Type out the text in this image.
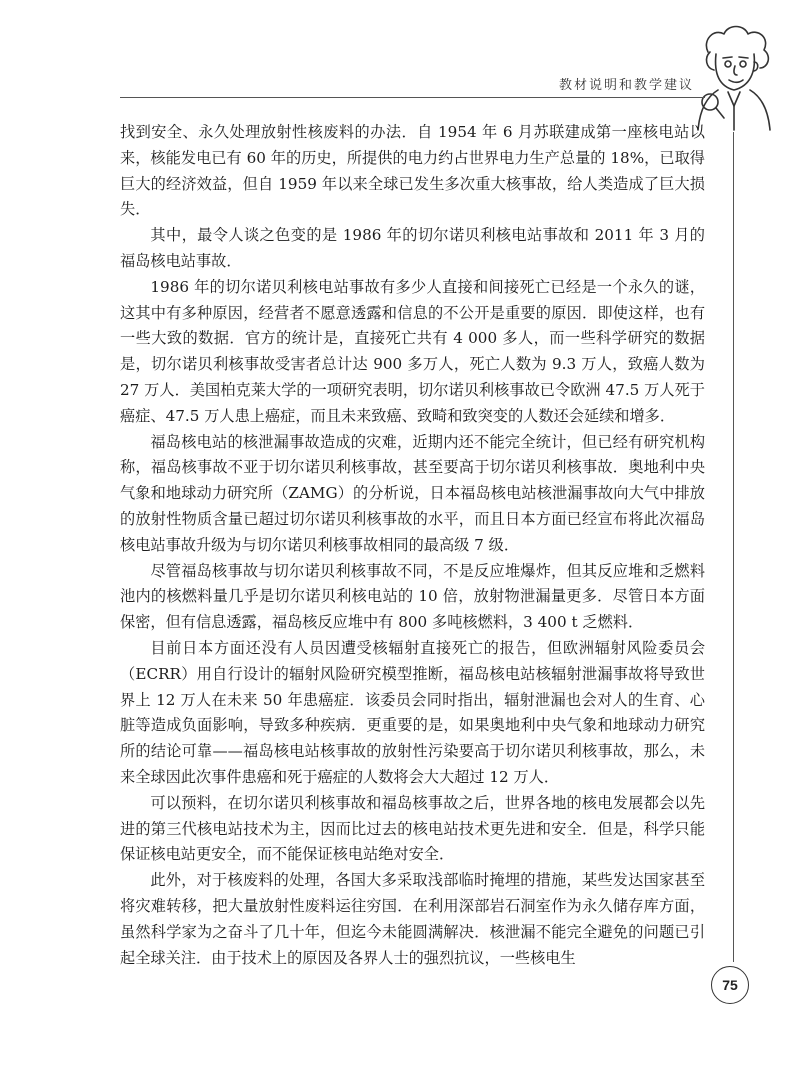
教材说明和教学建议

找到安全、永久处理放射性核废料的办法．自 1954 年 6 月苏联建成第一座核电站以来，核能发电已有 60 年的历史，所提供的电力约占世界电力生产总量的 18%，已取得巨大的经济效益，但自 1959 年以来全球已发生多次重大核事故，给人类造成了巨大损失．

其中，最令人谈之色变的是 1986 年的切尔诺贝利核电站事故和 2011 年 3 月的福岛核电站事故．

1986 年的切尔诺贝利核电站事故有多少人直接和间接死亡已经是一个永久的谜，这其中有多种原因，经营者不愿意透露和信息的不公开是重要的原因．即使这样，也有一些大致的数据．官方的统计是，直接死亡共有 4 000 多人，而一些科学研究的数据是，切尔诺贝利核事故受害者总计达 900 多万人，死亡人数为 9.3 万人，致癌人数为 27 万人．美国柏克莱大学的一项研究表明，切尔诺贝利核事故已令欧洲 47.5 万人死于癌症、47.5 万人患上癌症，而且未来致癌、致畸和致突变的人数还会延续和增多．

福岛核电站的核泄漏事故造成的灾难，近期内还不能完全统计，但已经有研究机构称，福岛核事故不亚于切尔诺贝利核事故，甚至要高于切尔诺贝利核事故．奥地利中央气象和地球动力研究所（ZAMG）的分析说，日本福岛核电站核泄漏事故向大气中排放的放射性物质含量已超过切尔诺贝利核事故的水平，而且日本方面已经宣布将此次福岛核电站事故升级为与切尔诺贝利核事故相同的最高级 7 级．

尽管福岛核事故与切尔诺贝利核事故不同，不是反应堆爆炸，但其反应堆和乏燃料池内的核燃料量几乎是切尔诺贝利核电站的 10 倍，放射物泄漏量更多．尽管日本方面保密，但有信息透露，福岛核反应堆中有 800 多吨核燃料，3 400 t 乏燃料．

目前日本方面还没有人员因遭受核辐射直接死亡的报告，但欧洲辐射风险委员会（ECRR）用自行设计的辐射风险研究模型推断，福岛核电站核辐射泄漏事故将导致世界上 12 万人在未来 50 年患癌症．该委员会同时指出，辐射泄漏也会对人的生育、心脏等造成负面影响，导致多种疾病．更重要的是，如果奥地利中央气象和地球动力研究所的结论可靠——福岛核电站核事故的放射性污染要高于切尔诺贝利核事故，那么，未来全球因此次事件患癌和死于癌症的人数将会大大超过 12 万人．

可以预料，在切尔诺贝利核事故和福岛核事故之后，世界各地的核电发展都会以先进的第三代核电站技术为主，因而比过去的核电站技术更先进和安全．但是，科学只能保证核电站更安全，而不能保证核电站绝对安全．

此外，对于核废料的处理，各国大多采取浅部临时掩埋的措施，某些发达国家甚至将灾难转移，把大量放射性废料运往穷国．在利用深部岩石洞室作为永久储存库方面，虽然科学家为之奋斗了几十年，但迄今未能圆满解决．核泄漏不能完全避免的问题已引起全球关注．由于技术上的原因及各界人士的强烈抗议，一些核电生

75
